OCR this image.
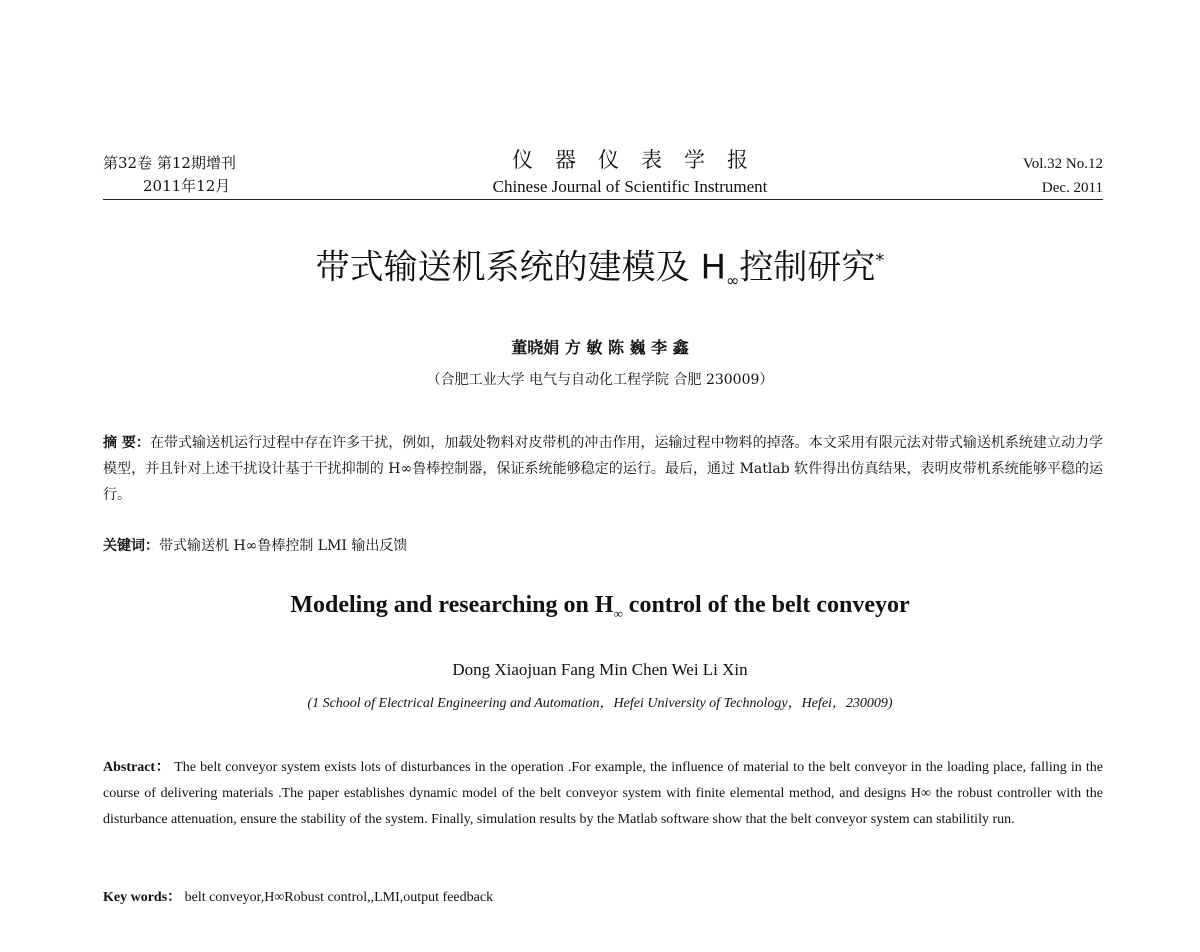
第32卷 第12期增刊
2011年12月
仪器仪表学报
Chinese Journal of Scientific Instrument
Vol.32 No.12
Dec. 2011
带式输送机系统的建模及 $H_\infty$控制研究*
董晓娟 方 敏 陈 巍 李 鑫
（合肥工业大学 电气与自动化工程学院 合肥 230009）
摘 要：在带式输送机运行过程中存在许多干扰，例如，加载处物料对皮带机的冲击作用，运输过程中物料的掉落。本文采用有限元法对带式输送机系统建立动力学模型，并且针对上述干扰设计基于干扰抑制的 H∞鲁棒控制器，保证系统能够稳定的运行。最后，通过 Matlab 软件得出仿真结果，表明皮带机系统能够平稳的运行。
关键词：带式输送机 H∞鲁棒控制 LMI 输出反馈
Modeling and researching on $H_\infty$ control of the belt conveyor
Dong Xiaojuan Fang Min Chen Wei Li Xin
(1 School of Electrical Engineering and Automation，Hefei University of Technology，Hefei，230009)
Abstract： The belt conveyor system exists lots of disturbances in the operation .For example, the influence of material to the belt conveyor in the loading place, falling in the course of delivering materials .The paper establishes dynamic model of the belt conveyor system with finite elemental method, and designs H∞ the robust controller with the disturbance attenuation, ensure the stability of the system. Finally, simulation results by the Matlab software show that the belt conveyor system can stabilitily run.
Key words： belt conveyor,H∞Robust control,,LMI,output feedback
